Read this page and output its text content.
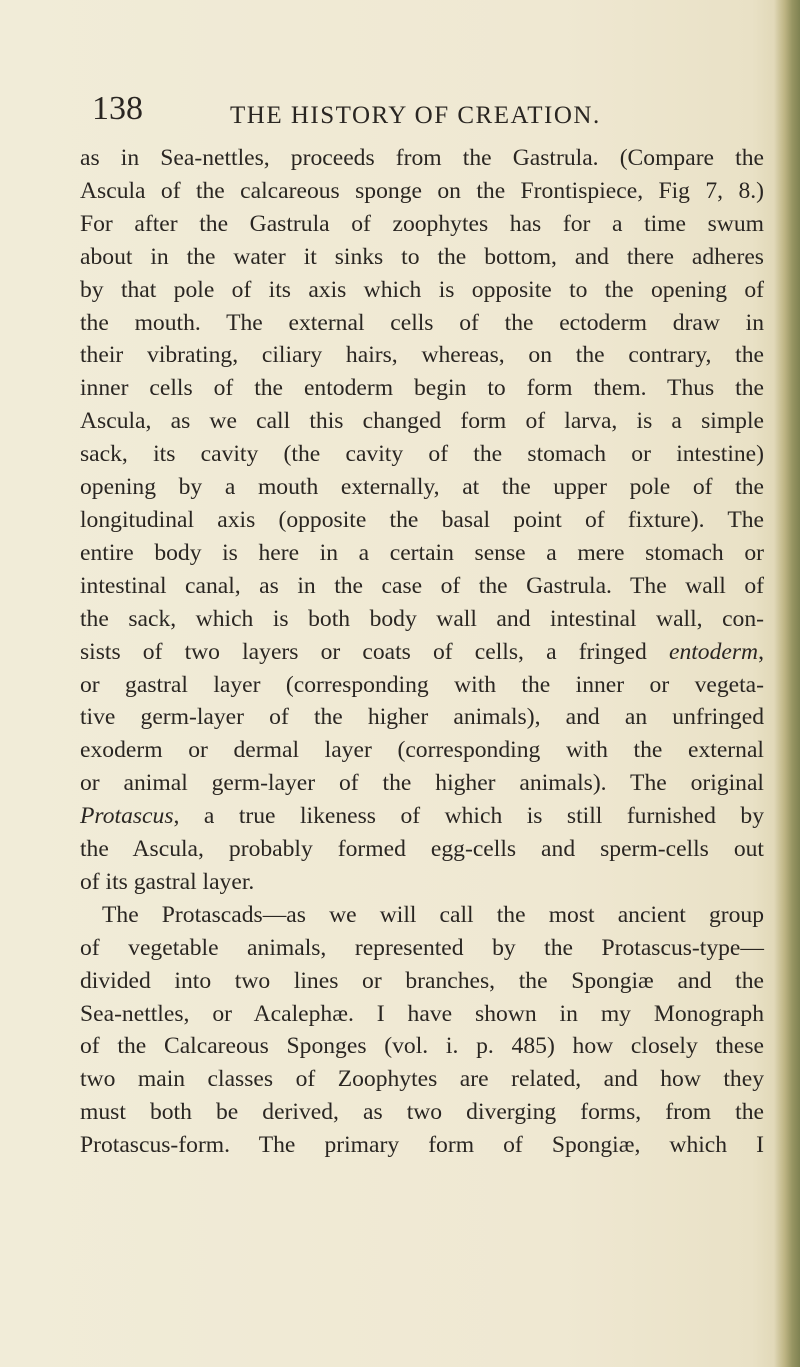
138	THE HISTORY OF CREATION.
as in Sea-nettles, proceeds from the Gastrula. (Compare the
Ascula of the calcareous sponge on the Frontispiece, Fig 7, 8.)
For after the Gastrula of zoophytes has for a time swum
about in the water it sinks to the bottom, and there adheres
by that pole of its axis which is opposite to the opening of
the mouth. The external cells of the ectoderm draw in
their vibrating, ciliary hairs, whereas, on the contrary, the
inner cells of the entoderm begin to form them. Thus the
Ascula, as we call this changed form of larva, is a simple
sack, its cavity (the cavity of the stomach or intestine)
opening by a mouth externally, at the upper pole of the
longitudinal axis (opposite the basal point of fixture). The
entire body is here in a certain sense a mere stomach or
intestinal canal, as in the case of the Gastrula. The wall of
the sack, which is both body wall and intestinal wall, con-
sists of two layers or coats of cells, a fringed entoderm,
or gastral layer (corresponding with the inner or vegeta-
tive germ-layer of the higher animals), and an unfringed
exoderm or dermal layer (corresponding with the external
or animal germ-layer of the higher animals). The original
Protascus, a true likeness of which is still furnished by
the Ascula, probably formed egg-cells and sperm-cells out
of its gastral layer.
The Protascads—as we will call the most ancient group
of vegetable animals, represented by the Protascus-type—
divided into two lines or branches, the Spongiæ and the
Sea-nettles, or Acalephæ. I have shown in my Monograph
of the Calcareous Sponges (vol. i. p. 485) how closely these
two main classes of Zoophytes are related, and how they
must both be derived, as two diverging forms, from the
Protascus-form. The primary form of Spongiæ, which I
